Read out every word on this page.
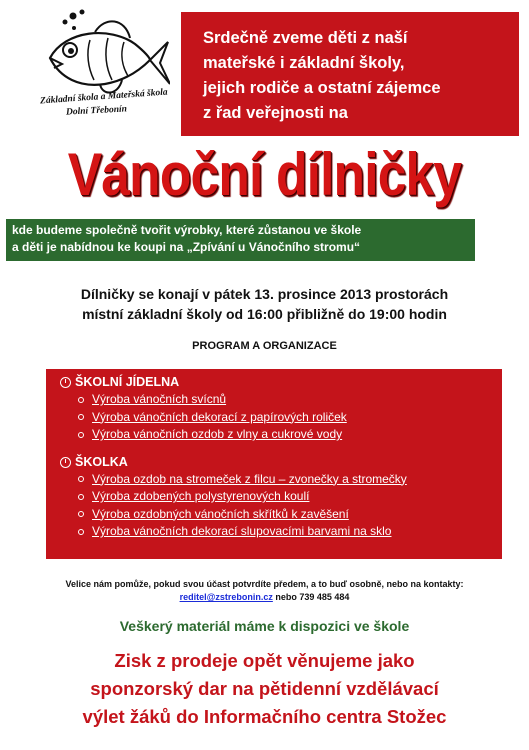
Základní škola a Mateřská škola
Dolní Třebonín
Srdečně zveme děti z naší
mateřské i základní školy,
jejich rodiče a ostatní zájemce
z řad veřejnosti na
Vánoční dílničky
kde budeme společně tvořit výrobky, které zůstanou ve škole
a děti je nabídnou ke koupi na „Zpívání u Vánočního stromu“
Dílničky se konají v pátek 13. prosince 2013 prostorách
místní základní školy od 16:00 přibližně do 19:00 hodin
PROGRAM A ORGANIZACE
ŠKOLNÍ JÍDELNA
Výroba vánočních svícnů
Výroba vánočních dekorací z papírových roliček
Výroba vánočních ozdob z vlny a cukrové vody
ŠKOLKA
Výroba ozdob na stromeček z filcu – zvonečky a stromečky
Výroba zdobených polystyrenových koulí
Výroba ozdobných vánočních skřítků k zavěšení
Výroba vánočních dekorací slupovacími barvami na sklo
Velice nám pomůže, pokud svou účast potvrdíte předem, a to buď osobně, nebo na kontakty:
reditel@zstrebonin.cz nebo 739 485 484
Veškerý materiál máme k dispozici ve škole
Zisk z prodeje opět věnujeme jako
sponzorský dar na pětidenní vzdělávací
výlet žáků do Informačního centra Stožec
